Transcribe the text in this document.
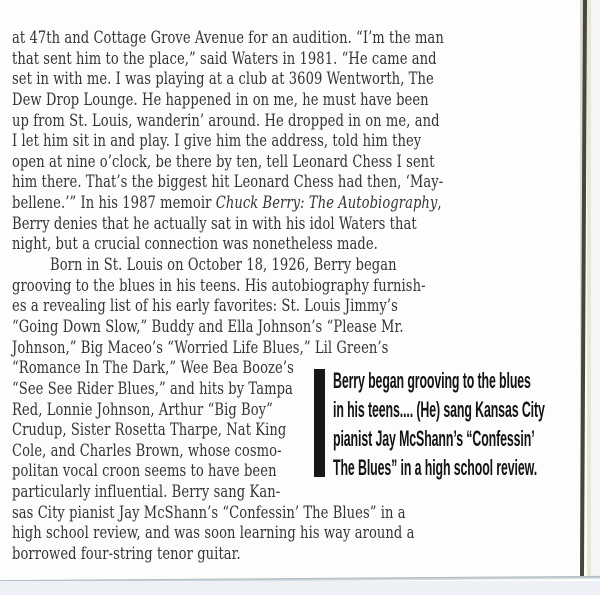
at 47th and Cottage Grove Avenue for an audition. “I’m the man
that sent him to the place,” said Waters in 1981. “He came and
set in with me. I was playing at a club at 3609 Wentworth, The
Dew Drop Lounge. He happened in on me, he must have been
up from St. Louis, wanderin’ around. He dropped in on me, and
I let him sit in and play. I give him the address, told him they
open at nine o’clock, be there by ten, tell Leonard Chess I sent
him there. That’s the biggest hit Leonard Chess had then, ‘May-
bellene.’” In his 1987 memoir Chuck Berry: The Autobiography,
Berry denies that he actually sat in with his idol Waters that
night, but a crucial connection was nonetheless made.
Born in St. Louis on October 18, 1926, Berry began
grooving to the blues in his teens. His autobiography furnish-
es a revealing list of his early favorites: St. Louis Jimmy’s
“Going Down Slow,” Buddy and Ella Johnson’s “Please Mr.
Johnson,” Big Maceo’s “Worried Life Blues,” Lil Green’s
“Romance In The Dark,” Wee Bea Booze’s
“See See Rider Blues,” and hits by Tampa
Red, Lonnie Johnson, Arthur “Big Boy”
Crudup, Sister Rosetta Tharpe, Nat King
Cole, and Charles Brown, whose cosmo-
politan vocal croon seems to have been
particularly influential. Berry sang Kan-
sas City pianist Jay McShann’s “Confessin’ The Blues” in a
high school review, and was soon learning his way around a
borrowed four-string tenor guitar.
Berry began grooving to the blues
in his teens.... (He) sang Kansas City
pianist Jay McShann’s “Confessin’
The Blues” in a high school review.
